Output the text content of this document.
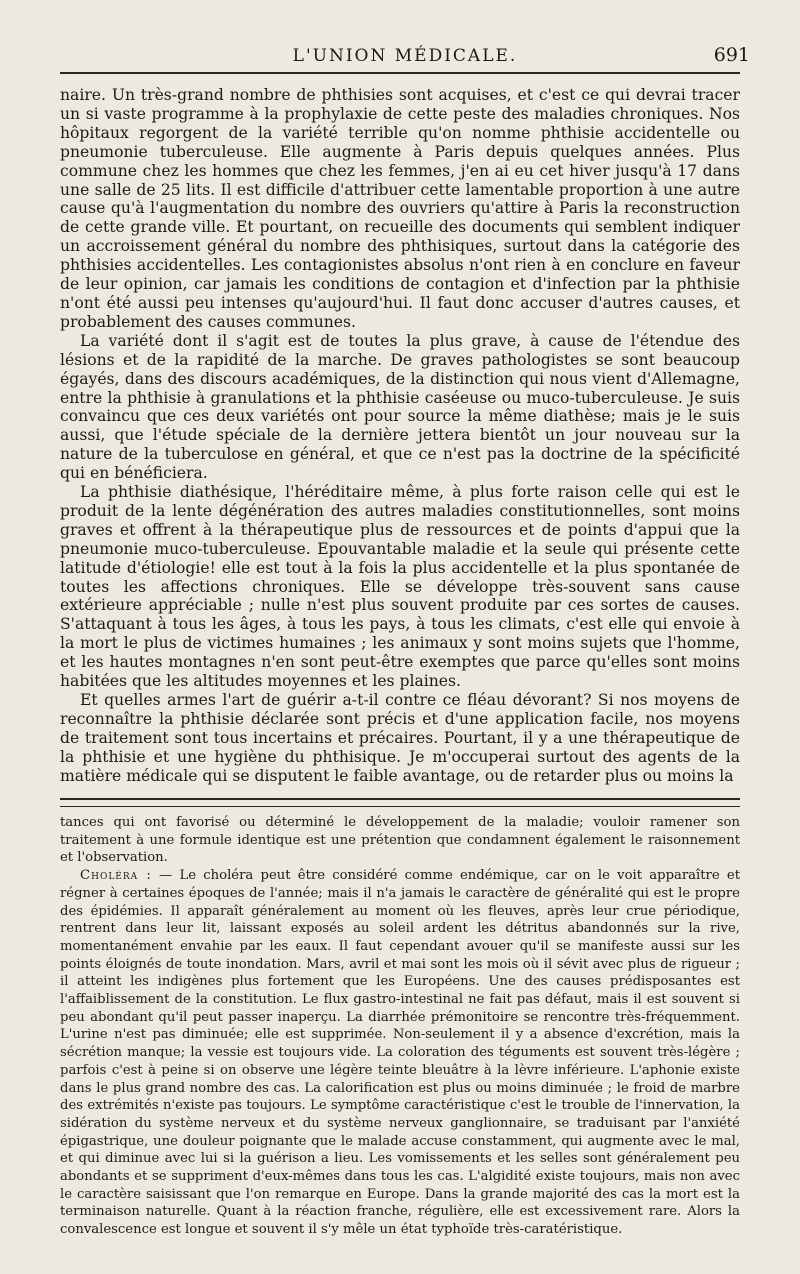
L'UNION MÉDICALE.	691

naire. Un très-grand nombre de phthisies sont acquises, et c'est ce qui devrai tracer un si vaste programme à la prophylaxie de cette peste des maladies chroniques. Nos hôpitaux regorgent de la variété terrible qu'on nomme phthisie accidentelle ou pneumonie tuberculeuse. Elle augmente à Paris depuis quelques années. Plus commune chez les hommes que chez les femmes, j'en ai eu cet hiver jusqu'à 17 dans une salle de 25 lits. Il est difficile d'attribuer cette lamentable proportion à une autre cause qu'à l'augmentation du nombre des ouvriers qu'attire à Paris la reconstruction de cette grande ville. Et pourtant, on recueille des documents qui semblent indiquer un accroissement général du nombre des phthisiques, surtout dans la catégorie des phthisies accidentelles. Les contagionistes absolus n'ont rien à en conclure en faveur de leur opinion, car jamais les conditions de contagion et d'infection par la phthisie n'ont été aussi peu intenses qu'aujourd'hui. Il faut donc accuser d'autres causes, et probablement des causes communes.

La variété dont il s'agit est de toutes la plus grave, à cause de l'étendue des lésions et de la rapidité de la marche. De graves pathologistes se sont beaucoup égayés, dans des discours académiques, de la distinction qui nous vient d'Allemagne, entre la phthisie à granulations et la phthisie caséeuse ou muco-tuberculeuse. Je suis convaincu que ces deux variétés ont pour source la même diathèse; mais je le suis aussi, que l'étude spéciale de la dernière jettera bientôt un jour nouveau sur la nature de la tuberculose en général, et que ce n'est pas la doctrine de la spécificité qui en bénéficiera.

La phthisie diathésique, l'héréditaire même, à plus forte raison celle qui est le produit de la lente dégénération des autres maladies constitutionnelles, sont moins graves et offrent à la thérapeutique plus de ressources et de points d'appui que la pneumonie muco-tuberculeuse. Epouvantable maladie et la seule qui présente cette latitude d'étiologie! elle est tout à la fois la plus accidentelle et la plus spontanée de toutes les affections chroniques. Elle se développe très-souvent sans cause extérieure appréciable ; nulle n'est plus souvent produite par ces sortes de causes. S'attaquant à tous les âges, à tous les pays, à tous les climats, c'est elle qui envoie à la mort le plus de victimes humaines ; les animaux y sont moins sujets que l'homme, et les hautes montagnes n'en sont peut-être exemptes que parce qu'elles sont moins habitées que les altitudes moyennes et les plaines.

Et quelles armes l'art de guérir a-t-il contre ce fléau dévorant? Si nos moyens de reconnaître la phthisie déclarée sont précis et d'une application facile, nos moyens de traitement sont tous incertains et précaires. Pourtant, il y a une thérapeutique de la phthisie et une hygiène du phthisique. Je m'occuperai surtout des agents de la matière médicale qui se disputent le faible avantage, ou de retarder plus ou moins la

tances qui ont favorisé ou déterminé le développement de la maladie; vouloir ramener son traitement à une formule identique est une prétention que condamnent également le raisonnement et l'observation.

Choléra : — Le choléra peut être considéré comme endémique, car on le voit apparaître et régner à certaines époques de l'année; mais il n'a jamais le caractère de généralité qui est le propre des épidémies. Il apparaît généralement au moment où les fleuves, après leur crue périodique, rentrent dans leur lit, laissant exposés au soleil ardent les détritus abandonnés sur la rive, momentanément envahie par les eaux. Il faut cependant avouer qu'il se manifeste aussi sur les points éloignés de toute inondation. Mars, avril et mai sont les mois où il sévit avec plus de rigueur ; il atteint les indigènes plus fortement que les Européens. Une des causes prédisposantes est l'affaiblissement de la constitution. Le flux gastro-intestinal ne fait pas défaut, mais il est souvent si peu abondant qu'il peut passer inaperçu. La diarrhée prémonitoire se rencontre très-fréquemment. L'urine n'est pas diminuée; elle est supprimée. Non-seulement il y a absence d'excrétion, mais la sécrétion manque; la vessie est toujours vide. La coloration des téguments est souvent très-légère ; parfois c'est à peine si on observe une légère teinte bleuâtre à la lèvre inférieure. L'aphonie existe dans le plus grand nombre des cas. La calorification est plus ou moins diminuée ; le froid de marbre des extrémités n'existe pas toujours. Le symptôme caractéristique c'est le trouble de l'innervation, la sidération du système nerveux et du système nerveux ganglionnaire, se traduisant par l'anxiété épigastrique, une douleur poignante que le malade accuse constamment, qui augmente avec le mal, et qui diminue avec lui si la guérison a lieu. Les vomissements et les selles sont généralement peu abondants et se suppriment d'eux-mêmes dans tous les cas. L'algidité existe toujours, mais non avec le caractère saisissant que l'on remarque en Europe. Dans la grande majorité des cas la mort est la terminaison naturelle. Quant à la réaction franche, régulière, elle est excessivement rare. Alors la convalescence est longue et souvent il s'y mêle un état typhoïde très-caratéristique.
